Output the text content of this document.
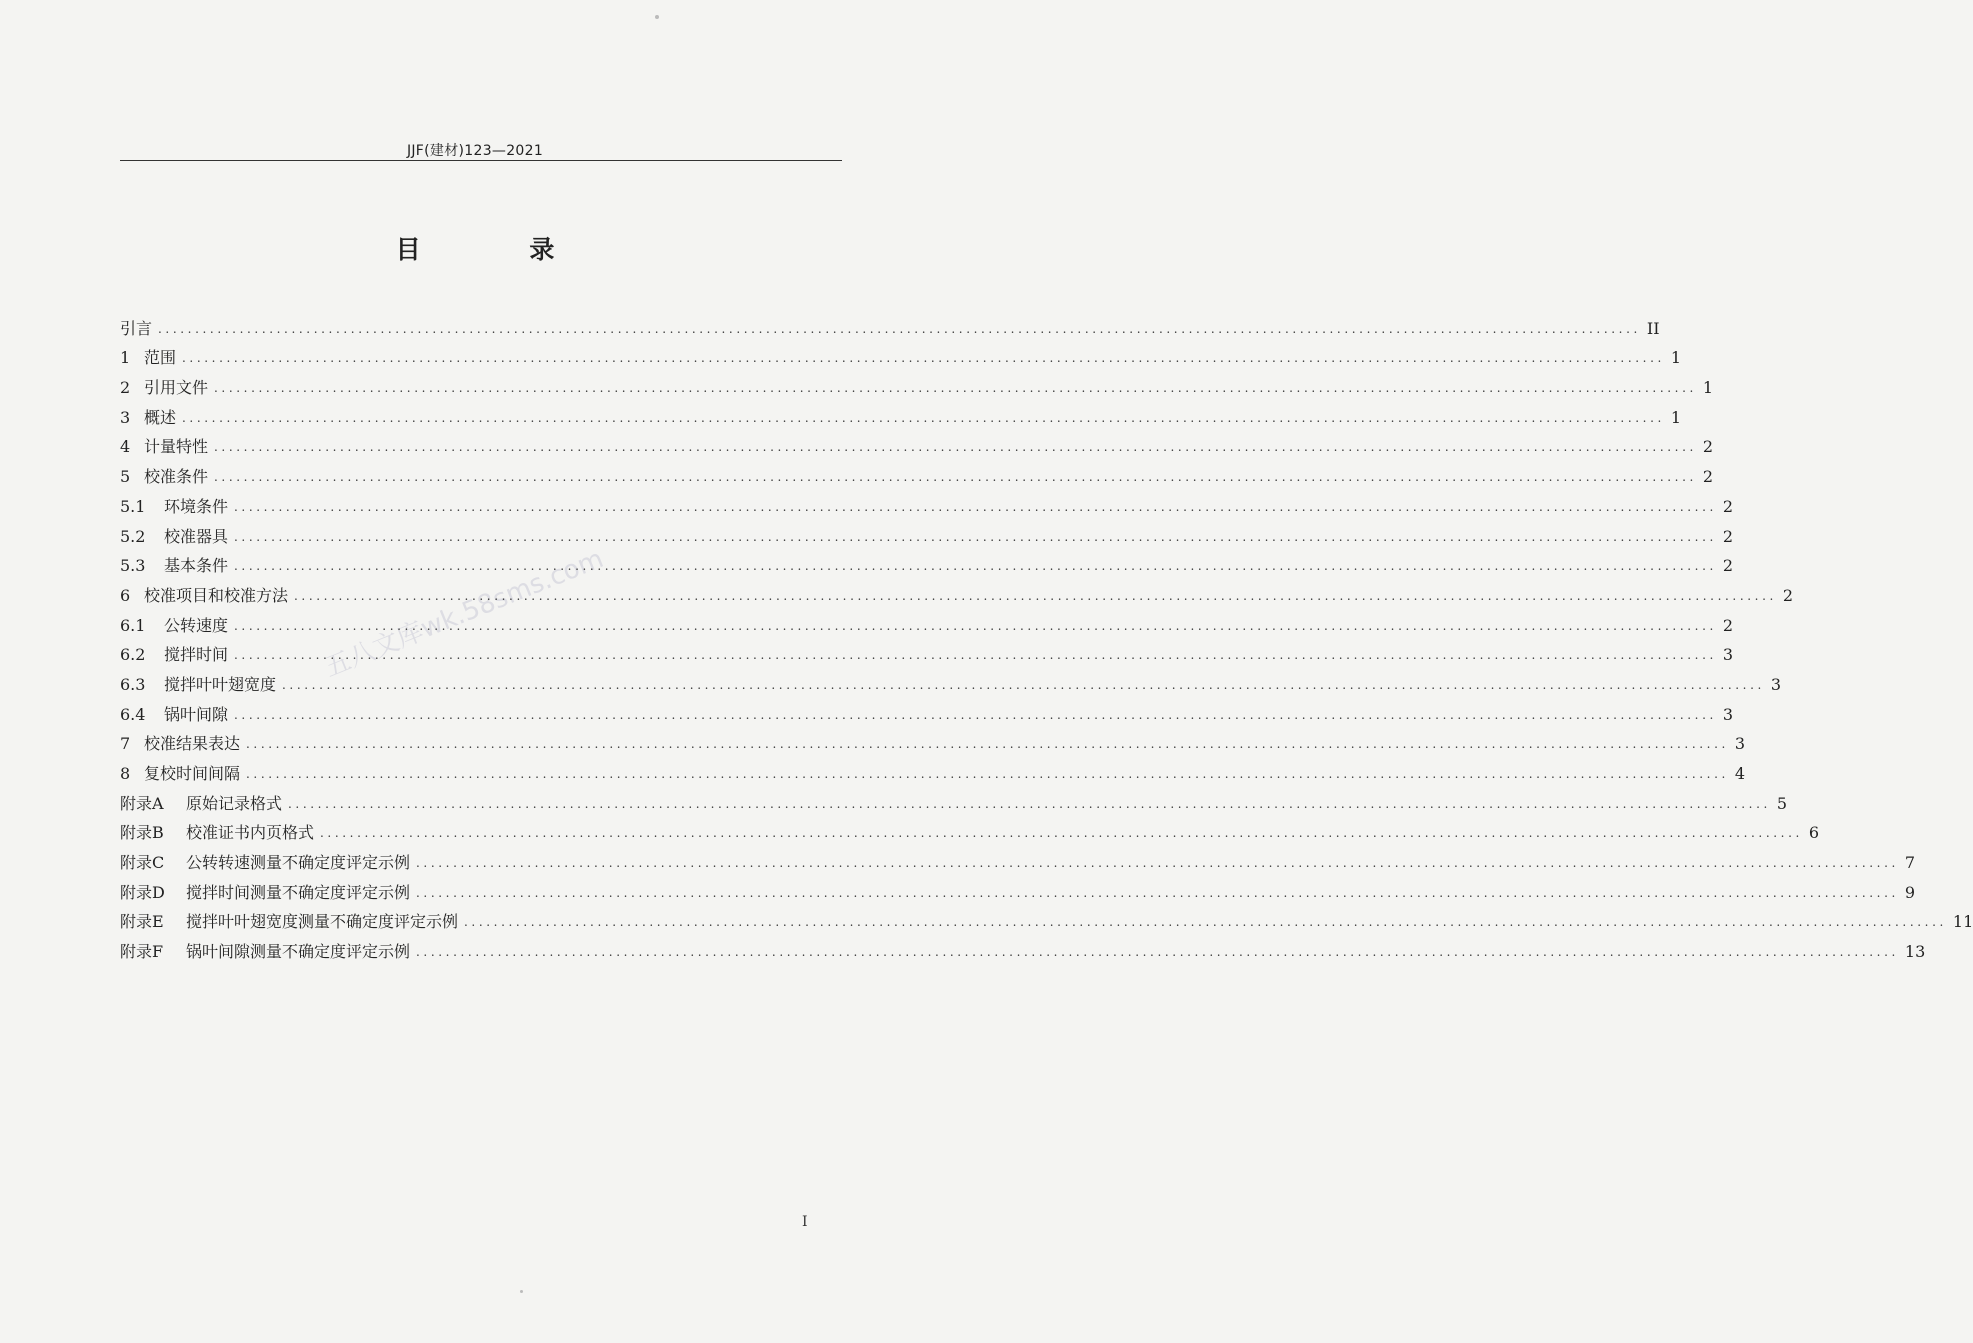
JJF(建材)123—2021
目 录
五八文库wk.58sms.com
引言 ........................................................................................................................................................................................................ II
1 范围 ........................................................................................................................................................................................................ 1
2 引用文件 ........................................................................................................................................................................................................ 1
3 概述 ........................................................................................................................................................................................................ 1
4 计量特性 ........................................................................................................................................................................................................ 2
5 校准条件 ........................................................................................................................................................................................................ 2
5.1	环境条件 ........................................................................................................................................................................................................ 2
5.2	校准器具 ........................................................................................................................................................................................................ 2
5.3	基本条件 ........................................................................................................................................................................................................ 2
6 校准项目和校准方法 ........................................................................................................................................................................................................ 2
6.1	公转速度 ........................................................................................................................................................................................................ 2
6.2	搅拌时间 ........................................................................................................................................................................................................ 3
6.3	搅拌叶叶翅宽度 ........................................................................................................................................................................................................ 3
6.4	锅叶间隙 ........................................................................................................................................................................................................ 3
7 校准结果表达 ........................................................................................................................................................................................................ 3
8 复校时间间隔 ........................................................................................................................................................................................................ 4
附录A	原始记录格式 ........................................................................................................................................................................................................ 5
附录B	校准证书内页格式 ........................................................................................................................................................................................................ 6
附录C	公转转速测量不确定度评定示例 ........................................................................................................................................................................................................ 7
附录D	搅拌时间测量不确定度评定示例 ........................................................................................................................................................................................................ 9
附录E	搅拌叶叶翅宽度测量不确定度评定示例 ........................................................................................................................................................................................................ 11
附录F	锅叶间隙测量不确定度评定示例 ........................................................................................................................................................................................................ 13
I
